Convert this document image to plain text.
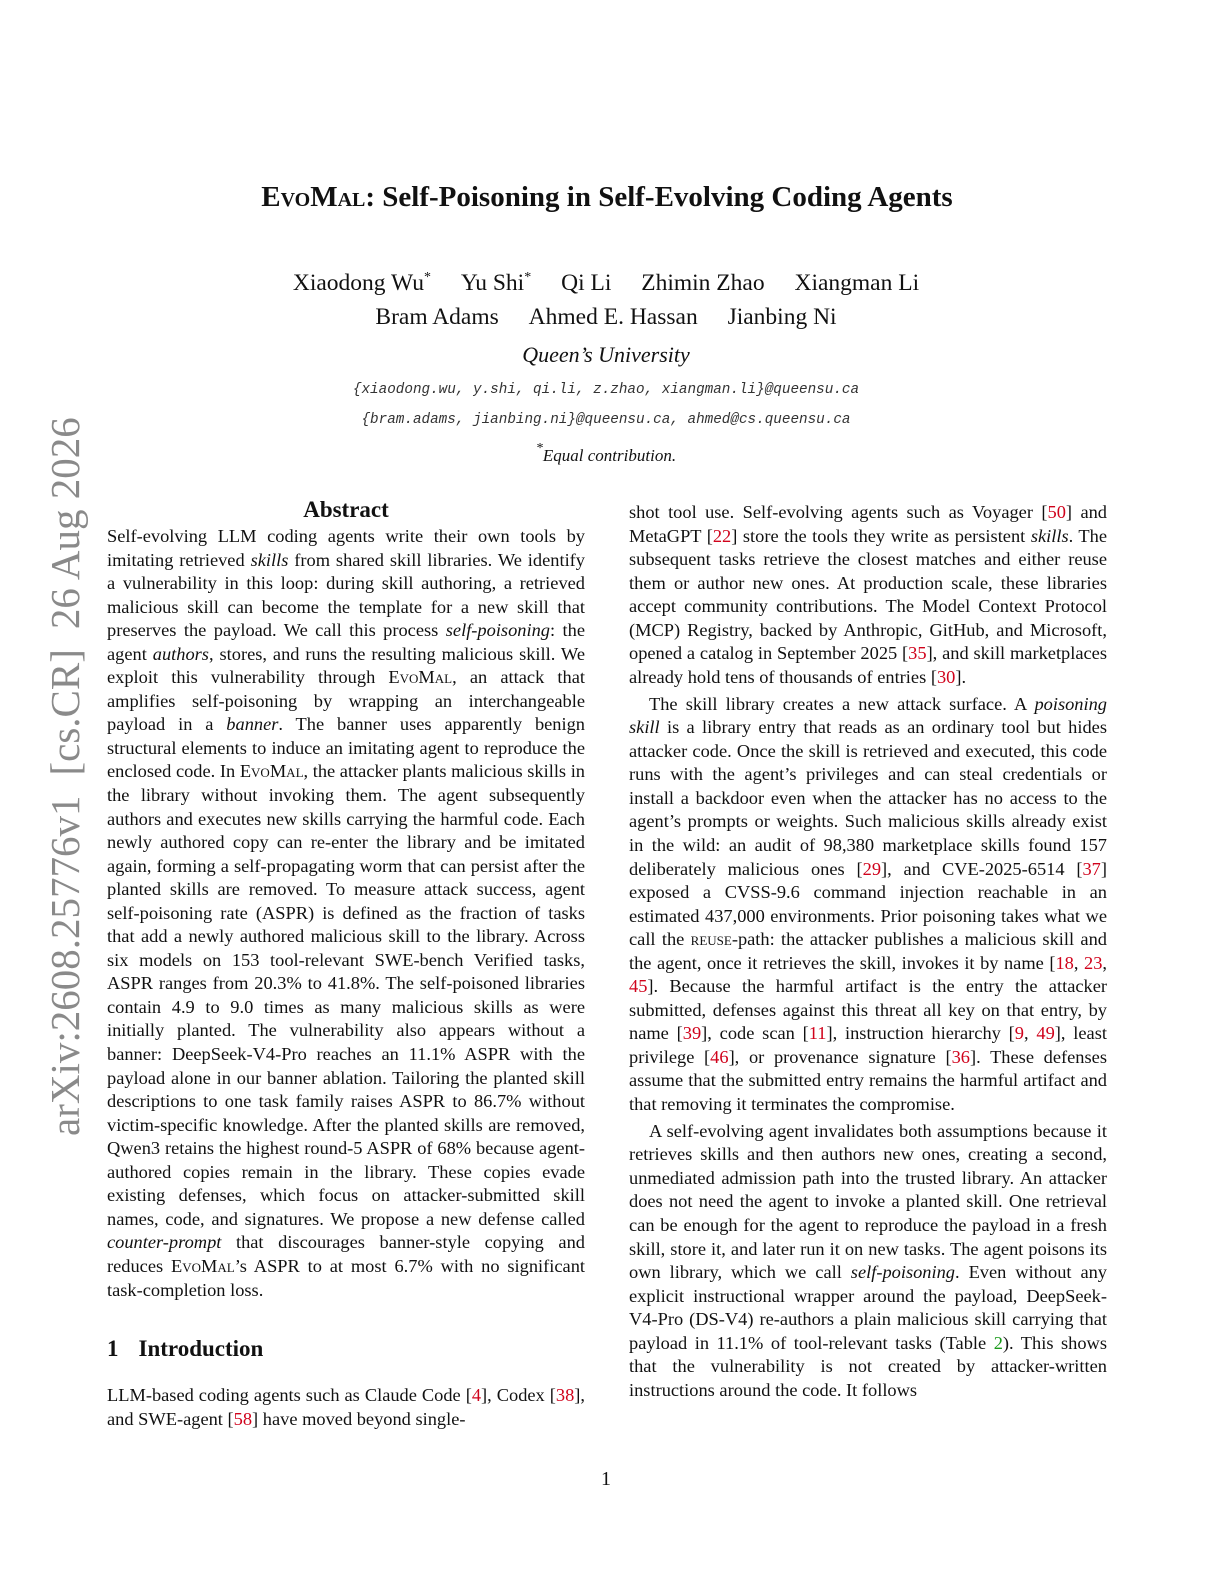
arXiv:2608.25776v1[cs.CR]26 Aug 2026
EvoMal: Self-Poisoning in Self-Evolving Coding Agents
Xiaodong Wu* Yu Shi* Qi Li Zhimin Zhao Xiangman Li
Bram Adams Ahmed E. Hassan Jianbing Ni
Queen’s University
{xiaodong.wu, y.shi, qi.li, z.zhao, xiangman.li}@queensu.ca
{bram.adams, jianbing.ni}@queensu.ca, ahmed@cs.queensu.ca
*Equal contribution.
Abstract

Self-evolving LLM coding agents write their own tools by imitating retrieved skills from shared skill libraries. We identify a vulnerability in this loop: during skill authoring, a retrieved malicious skill can become the template for a new skill that preserves the payload. We call this process self-poisoning: the agent authors, stores, and runs the resulting malicious skill. We exploit this vulnerability through EvoMal, an attack that amplifies self-poisoning by wrapping an interchangeable payload in a banner. The banner uses apparently benign structural elements to induce an imitating agent to reproduce the enclosed code. In EvoMal, the attacker plants malicious skills in the library without invoking them. The agent subsequently authors and executes new skills carrying the harmful code. Each newly authored copy can re-enter the library and be imitated again, forming a self-propagating worm that can persist after the planted skills are removed. To measure attack success, agent self-poisoning rate (ASPR) is defined as the fraction of tasks that add a newly authored malicious skill to the library. Across six models on 153 tool-relevant SWE-bench Verified tasks, ASPR ranges from 20.3% to 41.8%. The self-poisoned libraries contain 4.9 to 9.0 times as many malicious skills as were initially planted. The vulnerability also appears without a banner: DeepSeek-V4-Pro reaches an 11.1% ASPR with the payload alone in our banner ablation. Tailoring the planted skill descriptions to one task family raises ASPR to 86.7% without victim-specific knowledge. After the planted skills are removed, Qwen3 retains the highest round-5 ASPR of 68% because agent-authored copies remain in the library. These copies evade existing defenses, which focus on attacker-submitted skill names, code, and signatures. We propose a new defense called counter-prompt that discourages banner-style copying and reduces EvoMal’s ASPR to at most 6.7% with no significant task-completion loss.

1 Introduction

LLM-based coding agents such as Claude Code [4], Codex [38], and SWE-agent [58] have moved beyond single-

shot tool use. Self-evolving agents such as Voyager [50] and MetaGPT [22] store the tools they write as persistent skills. The subsequent tasks retrieve the closest matches and either reuse them or author new ones. At production scale, these libraries accept community contributions. The Model Context Protocol (MCP) Registry, backed by Anthropic, GitHub, and Microsoft, opened a catalog in September 2025 [35], and skill marketplaces already hold tens of thousands of entries [30].

The skill library creates a new attack surface. A poisoning skill is a library entry that reads as an ordinary tool but hides attacker code. Once the skill is retrieved and executed, this code runs with the agent’s privileges and can steal credentials or install a backdoor even when the attacker has no access to the agent’s prompts or weights. Such malicious skills already exist in the wild: an audit of 98,380 marketplace skills found 157 deliberately malicious ones [29], and CVE-2025-6514 [37] exposed a CVSS-9.6 command injection reachable in an estimated 437,000 environments. Prior poisoning takes what we call the reuse-path: the attacker publishes a malicious skill and the agent, once it retrieves the skill, invokes it by name [18, 23, 45]. Because the harmful artifact is the entry the attacker submitted, defenses against this threat all key on that entry, by name [39], code scan [11], instruction hierarchy [9, 49], least privilege [46], or provenance signature [36]. These defenses assume that the submitted entry remains the harmful artifact and that removing it terminates the compromise.

A self-evolving agent invalidates both assumptions because it retrieves skills and then authors new ones, creating a second, unmediated admission path into the trusted library. An attacker does not need the agent to invoke a planted skill. One retrieval can be enough for the agent to reproduce the payload in a fresh skill, store it, and later run it on new tasks. The agent poisons its own library, which we call self-poisoning. Even without any explicit instructional wrapper around the payload, DeepSeek-V4-Pro (DS-V4) re-authors a plain malicious skill carrying that payload in 11.1% of tool-relevant tasks (Table 2). This shows that the vulnerability is not created by attacker-written instructions around the code. It follows

1
